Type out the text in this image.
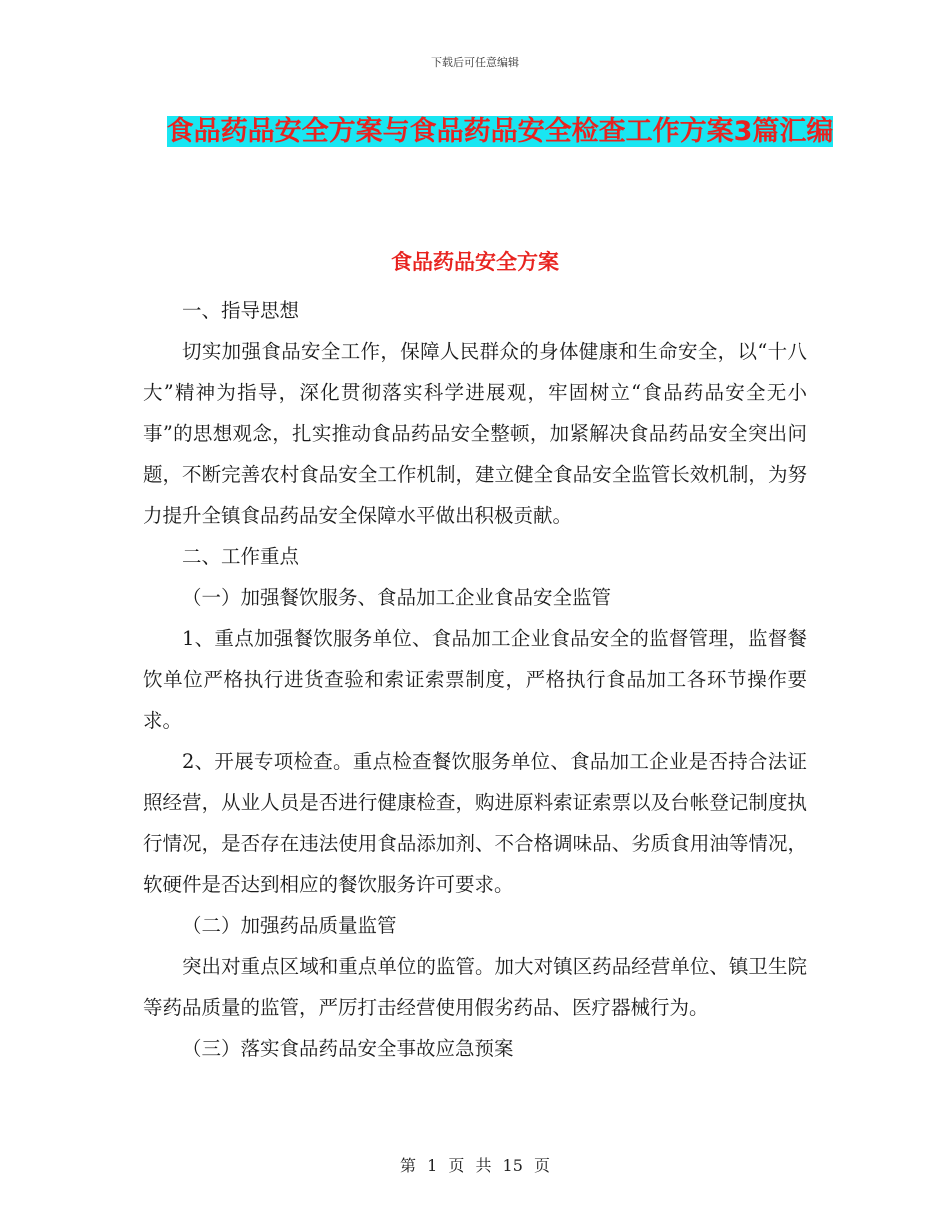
下载后可任意编辑
食品药品安全方案与食品药品安全检查工作方案3篇汇编
食品药品安全方案

一、指导思想

切实加强食品安全工作，保障人民群众的身体健康和生命安全，以“十八大”精神为指导，深化贯彻落实科学进展观，牢固树立“食品药品安全无小事”的思想观念，扎实推动食品药品安全整顿，加紧解决食品药品安全突出问题，不断完善农村食品安全工作机制，建立健全食品安全监管长效机制，为努力提升全镇食品药品安全保障水平做出积极贡献。

二、工作重点

（一）加强餐饮服务、食品加工企业食品安全监管

1、重点加强餐饮服务单位、食品加工企业食品安全的监督管理，监督餐饮单位严格执行进货查验和索证索票制度，严格执行食品加工各环节操作要求。

2、开展专项检查。重点检查餐饮服务单位、食品加工企业是否持合法证照经营，从业人员是否进行健康检查，购进原料索证索票以及台帐登记制度执行情况，是否存在违法使用食品添加剂、不合格调味品、劣质食用油等情况，软硬件是否达到相应的餐饮服务许可要求。

（二）加强药品质量监管

突出对重点区域和重点单位的监管。加大对镇区药品经营单位、镇卫生院等药品质量的监管，严厉打击经营使用假劣药品、医疗器械行为。

（三）落实食品药品安全事故应急预案

第 1 页 共 15 页
